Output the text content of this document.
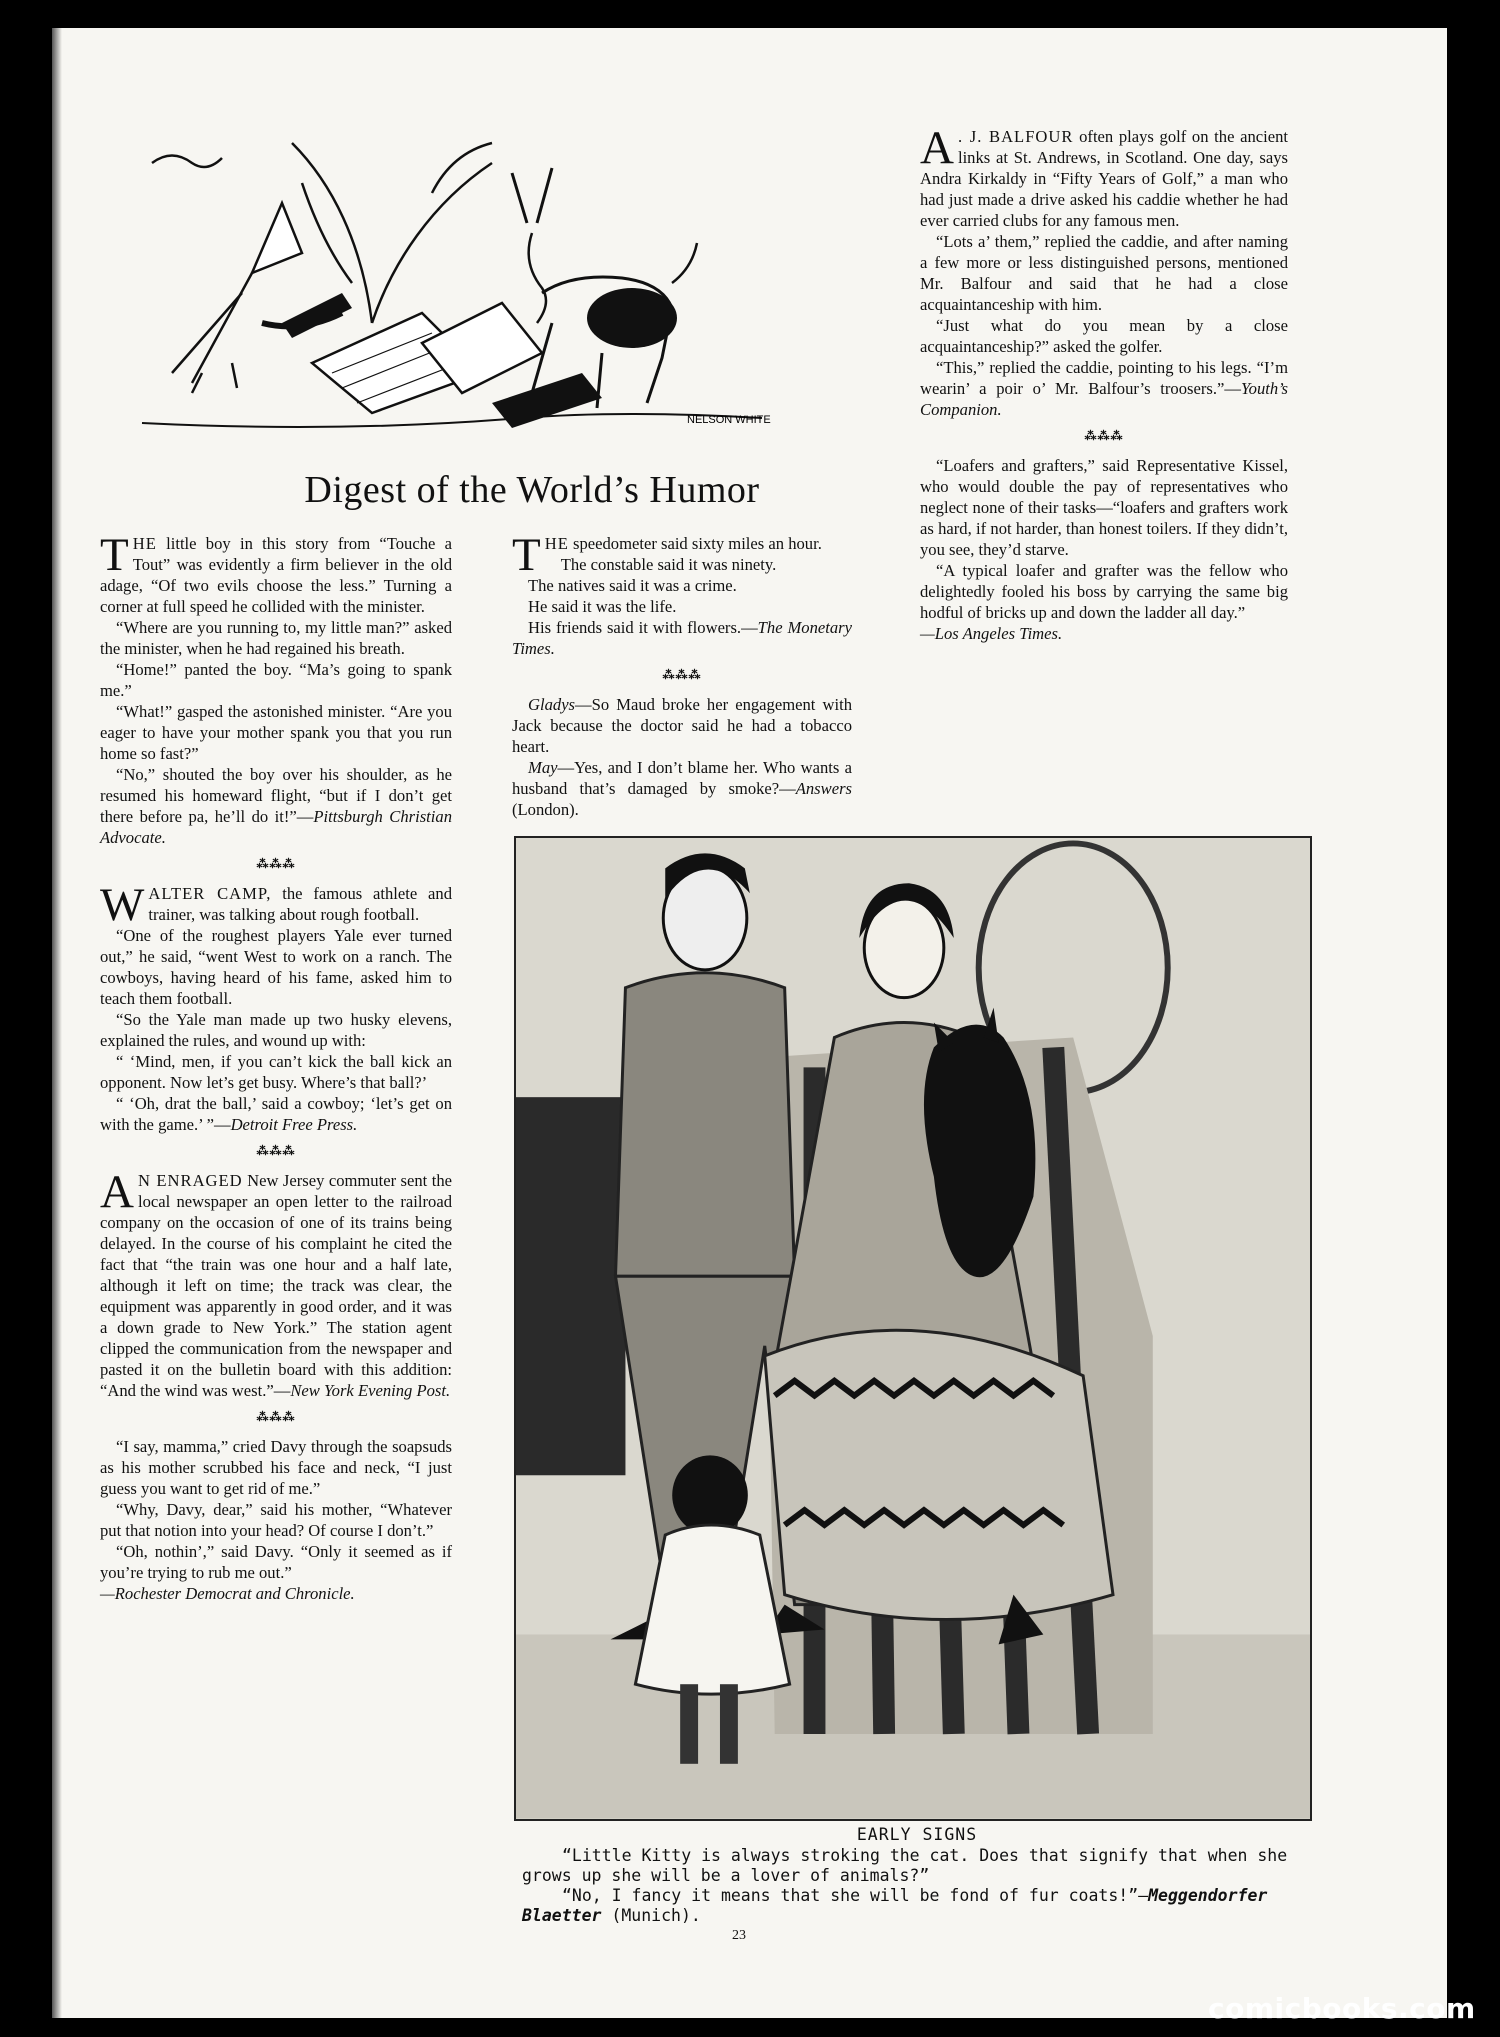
NELSON WHITE
Digest of the World’s Humor

THE little boy in this story from “Touche a Tout” was evidently a firm believer in the old adage, “Of two evils choose the less.” Turning a corner at full speed he collided with the minister.

“Where are you running to, my little man?” asked the minister, when he had regained his breath.

“Home!” panted the boy. “Ma’s going to spank me.”

“What!” gasped the astonished minister. “Are you eager to have your mother spank you that you run home so fast?”

“No,” shouted the boy over his shoulder, as he resumed his homeward flight, “but if I don’t get there before pa, he’ll do it!”—Pittsburgh Christian Advocate.

⁂⁂⁂

WALTER CAMP, the famous athlete and trainer, was talking about rough football.

“One of the roughest players Yale ever turned out,” he said, “went West to work on a ranch. The cowboys, having heard of his fame, asked him to teach them football.

“So the Yale man made up two husky elevens, explained the rules, and wound up with:

“ ‘Mind, men, if you can’t kick the ball kick an opponent. Now let’s get busy. Where’s that ball?’

“ ‘Oh, drat the ball,’ said a cowboy; ‘let’s get on with the game.’ ”—Detroit Free Press.

⁂⁂⁂

A N ENRAGED New Jersey commuter sent the local newspaper an open letter to the railroad company on the occasion of one of its trains being delayed. In the course of his complaint he cited the fact that “the train was one hour and a half late, although it left on time; the track was clear, the equipment was apparently in good order, and it was a down grade to New York.” The station agent clipped the communication from the newspaper and pasted it on the bulletin board with this addition: “And the wind was west.”—New York Evening Post.

⁂⁂⁂

“I say, mamma,” cried Davy through the soapsuds as his mother scrubbed his face and neck, “I just guess you want to get rid of me.”

“Why, Davy, dear,” said his mother, “Whatever put that notion into your head? Of course I don’t.”

“Oh, nothin’,” said Davy. “Only it seemed as if you’re trying to rub me out.”

—Rochester Democrat and Chronicle.

THE speedometer said sixty miles an hour.

The constable said it was ninety.

The natives said it was a crime.

He said it was the life.

His friends said it with flowers.—The Monetary Times.

⁂⁂⁂

Gladys—So Maud broke her engagement with Jack because the doctor said he had a tobacco heart.

May—Yes, and I don’t blame her. Who wants a husband that’s damaged by smoke?—Answers (London).

A . J. BALFOUR often plays golf on the ancient links at St. Andrews, in Scotland. One day, says Andra Kirkaldy in “Fifty Years of Golf,” a man who had just made a drive asked his caddie whether he had ever carried clubs for any famous men.

“Lots a’ them,” replied the caddie, and after naming a few more or less distinguished persons, mentioned Mr. Balfour and said that he had a close acquaintanceship with him.

“Just what do you mean by a close acquaintanceship?” asked the golfer.

“This,” replied the caddie, pointing to his legs. “I’m wearin’ a poir o’ Mr. Balfour’s troosers.”—Youth’s Companion.

⁂⁂⁂

“Loafers and grafters,” said Representative Kissel, who would double the pay of representatives who neglect none of their tasks—“loafers and grafters work as hard, if not harder, than honest toilers. If they didn’t, you see, they’d starve.

“A typical loafer and grafter was the fellow who delightedly fooled his boss by carrying the same big hodful of bricks up and down the ladder all day.”

—Los Angeles Times.

EARLY SIGNS

“Little Kitty is always stroking the cat. Does that signify that when she grows up she will be a lover of animals?”

“No, I fancy it means that she will be fond of fur coats!”—Meggendorfer Blaetter (Munich).

23
comicbooks.com
